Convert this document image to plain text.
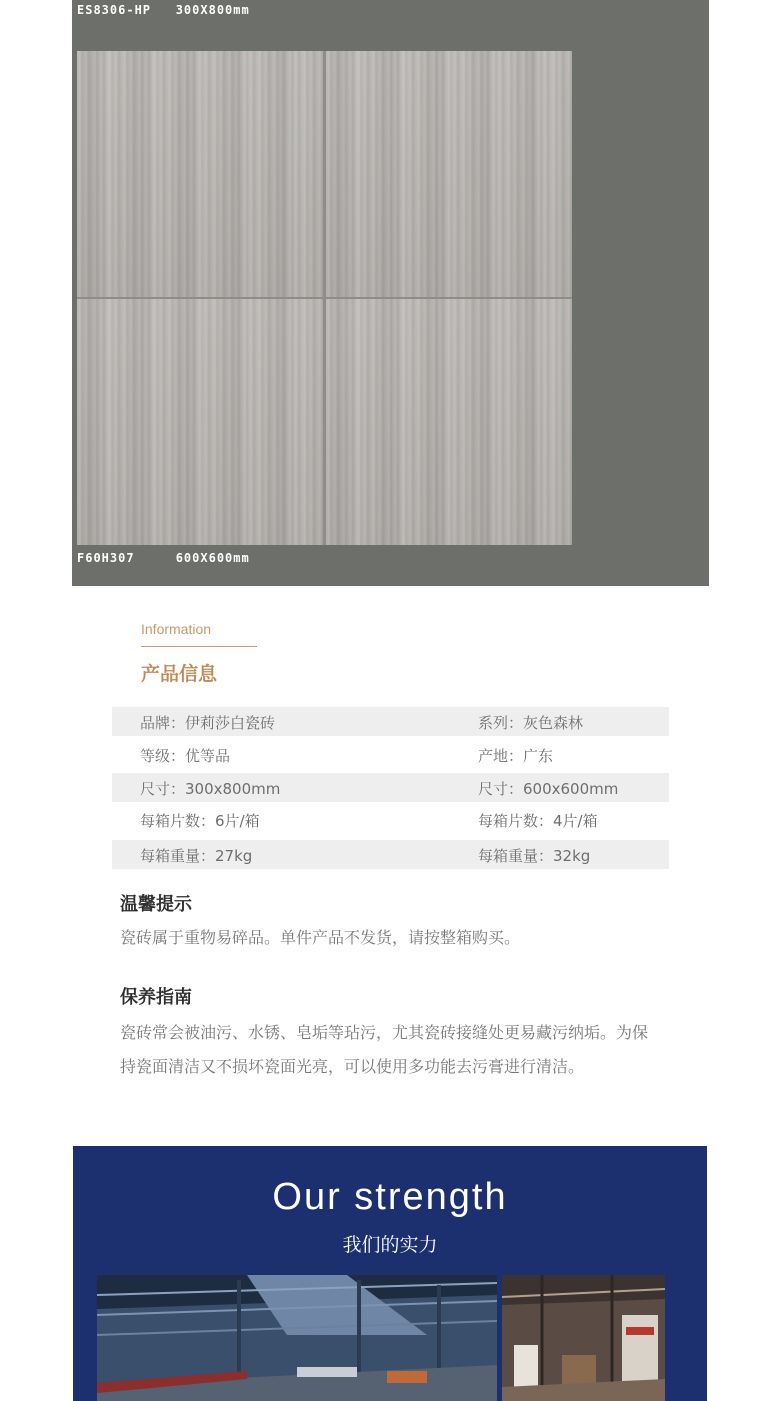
ES8306-HP   300X800mm
F60H307     600X600mm
Information
产品信息
品牌：伊莉莎白瓷砖	系列：灰色森林
等级：优等品	产地：广东
尺寸：300x800mm	尺寸：600x600mm
每箱片数：6片/箱	每箱片数：4片/箱
每箱重量：27kg	每箱重量：32kg
温馨提示
瓷砖属于重物易碎品。单件产品不发货，请按整箱购买。
保养指南
瓷砖常会被油污、水锈、皂垢等玷污，尤其瓷砖接缝处更易藏污纳垢。为保持瓷面清洁又不损坏瓷面光亮，可以使用多功能去污膏进行清洁。
Our strength
我们的实力
